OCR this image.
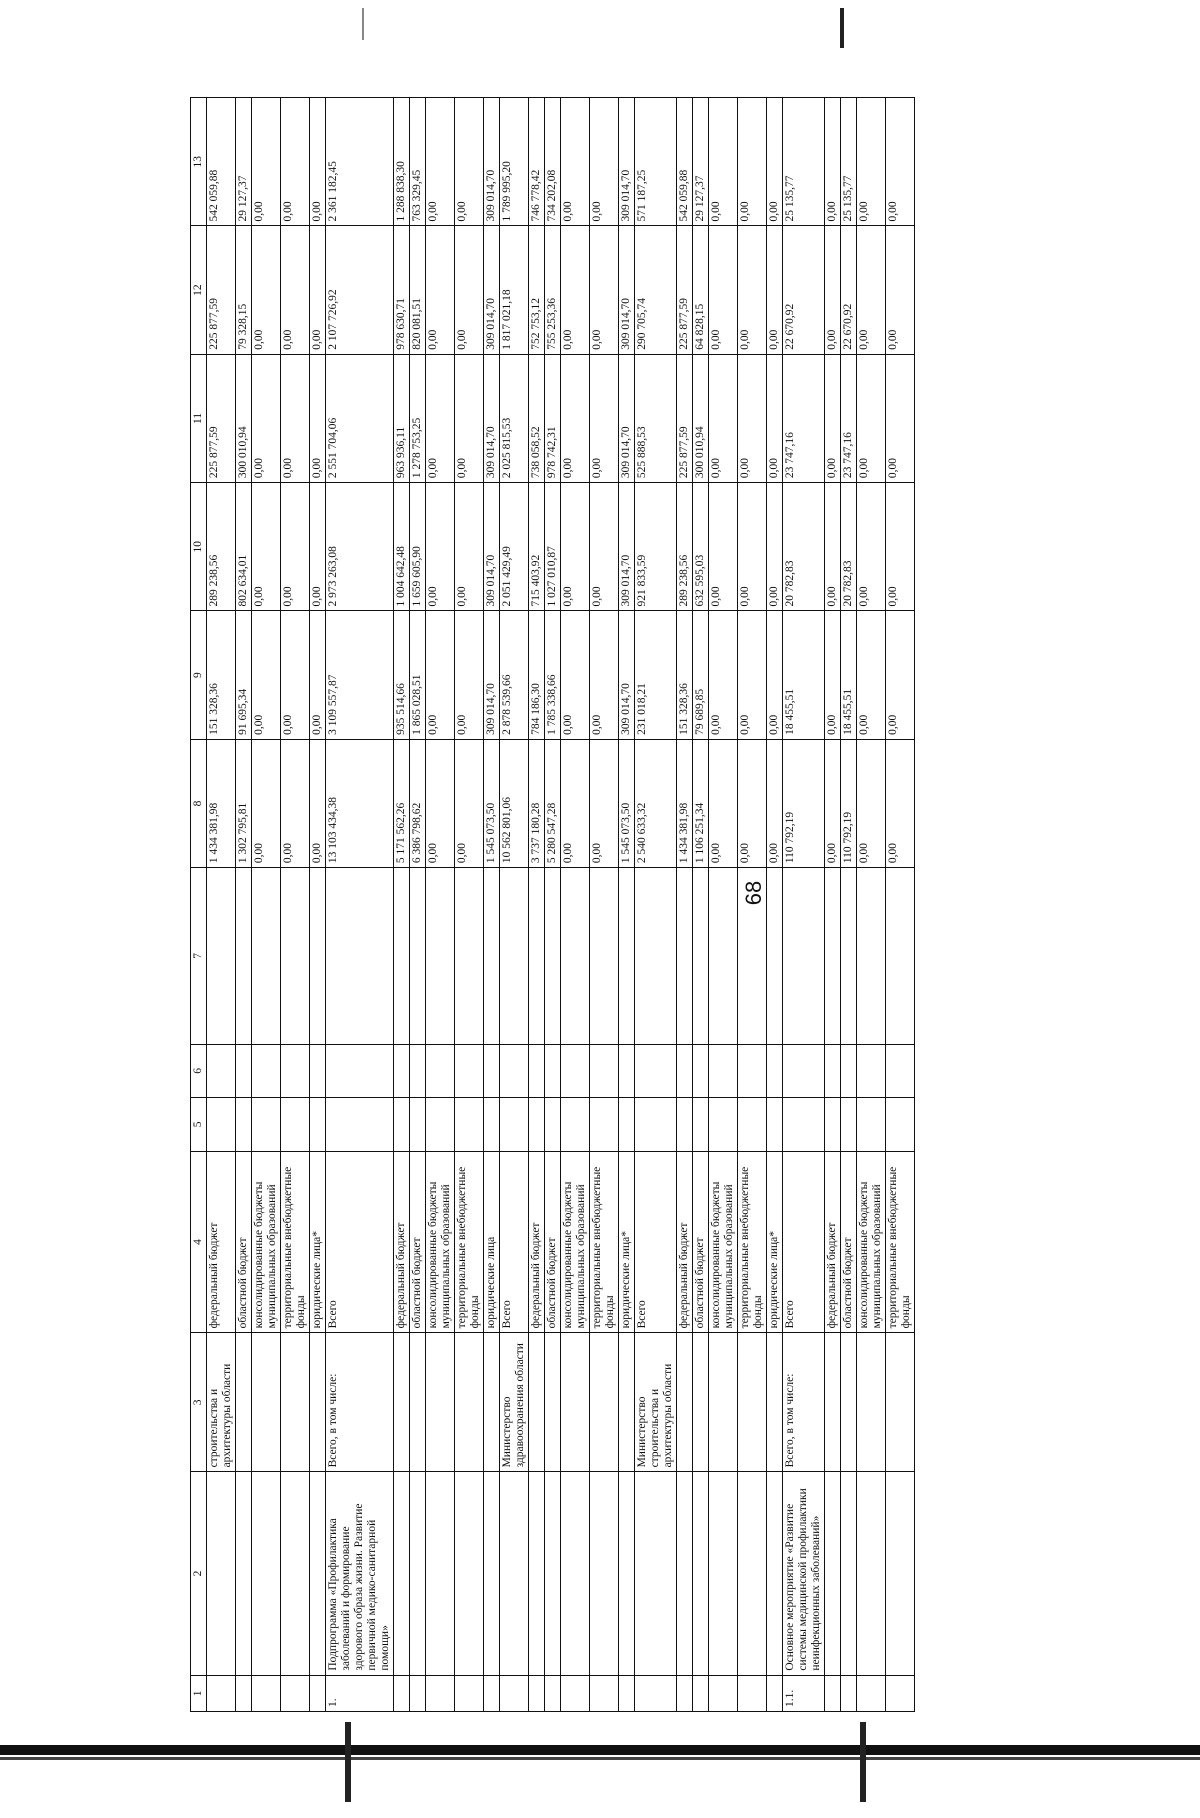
68
1	2	3	4	5	6	7	8	9	10	11	12	13
		строительства и архитектуры области	федеральный бюджет				1 434 381,98	151 328,36	289 238,56	225 877,59	225 877,59	542 059,88
			областной бюджет				1 302 795,81	91 695,34	802 634,01	300 010,94	79 328,15	29 127,37
			консолидированные бюджеты муниципальных образований				0,00	0,00	0,00	0,00	0,00	0,00
			территориальные внебюджетные фонды				0,00	0,00	0,00	0,00	0,00	0,00
			юридические лица*				0,00	0,00	0,00	0,00	0,00	0,00
1.	Подпрограмма «Профилактика заболеваний и формирование здорового образа жизни. Развитие первичной медико-санитарной помощи»	Всего, в том числе:	Всего				13 103 434,38	3 109 557,87	2 973 263,08	2 551 704,06	2 107 726,92	2 361 182,45
			федеральный бюджет				5 171 562,26	935 514,66	1 004 642,48	963 936,11	978 630,71	1 288 838,30
			областной бюджет				6 386 798,62	1 865 028,51	1 659 605,90	1 278 753,25	820 081,51	763 329,45
			консолидированные бюджеты муниципальных образований				0,00	0,00	0,00	0,00	0,00	0,00
			территориальные внебюджетные фонды				0,00	0,00	0,00	0,00	0,00	0,00
			юридические лица				1 545 073,50	309 014,70	309 014,70	309 014,70	309 014,70	309 014,70
		Министерство здравоохранения области	Всего				10 562 801,06	2 878 539,66	2 051 429,49	2 025 815,53	1 817 021,18	1 789 995,20
			федеральный бюджет				3 737 180,28	784 186,30	715 403,92	738 058,52	752 753,12	746 778,42
			областной бюджет				5 280 547,28	1 785 338,66	1 027 010,87	978 742,31	755 253,36	734 202,08
			консолидированные бюджеты муниципальных образований				0,00	0,00	0,00	0,00	0,00	0,00
			территориальные внебюджетные фонды				0,00	0,00	0,00	0,00	0,00	0,00
			юридические лица*				1 545 073,50	309 014,70	309 014,70	309 014,70	309 014,70	309 014,70
		Министерство строительства и архитектуры области	Всего				2 540 633,32	231 018,21	921 833,59	525 888,53	290 705,74	571 187,25
			федеральный бюджет				1 434 381,98	151 328,36	289 238,56	225 877,59	225 877,59	542 059,88
			областной бюджет				1 106 251,34	79 689,85	632 595,03	300 010,94	64 828,15	29 127,37
			консолидированные бюджеты муниципальных образований				0,00	0,00	0,00	0,00	0,00	0,00
			территориальные внебюджетные фонды				0,00	0,00	0,00	0,00	0,00	0,00
			юридические лица*				0,00	0,00	0,00	0,00	0,00	0,00
1.1.	Основное мероприятие «Развитие системы медицинской профилактики неинфекционных заболеваний»	Всего, в том числе:	Всего				110 792,19	18 455,51	20 782,83	23 747,16	22 670,92	25 135,77
			федеральный бюджет				0,00	0,00	0,00	0,00	0,00	0,00
			областной бюджет				110 792,19	18 455,51	20 782,83	23 747,16	22 670,92	25 135,77
			консолидированные бюджеты муниципальных образований				0,00	0,00	0,00	0,00	0,00	0,00
			территориальные внебюджетные фонды				0,00	0,00	0,00	0,00	0,00	0,00
